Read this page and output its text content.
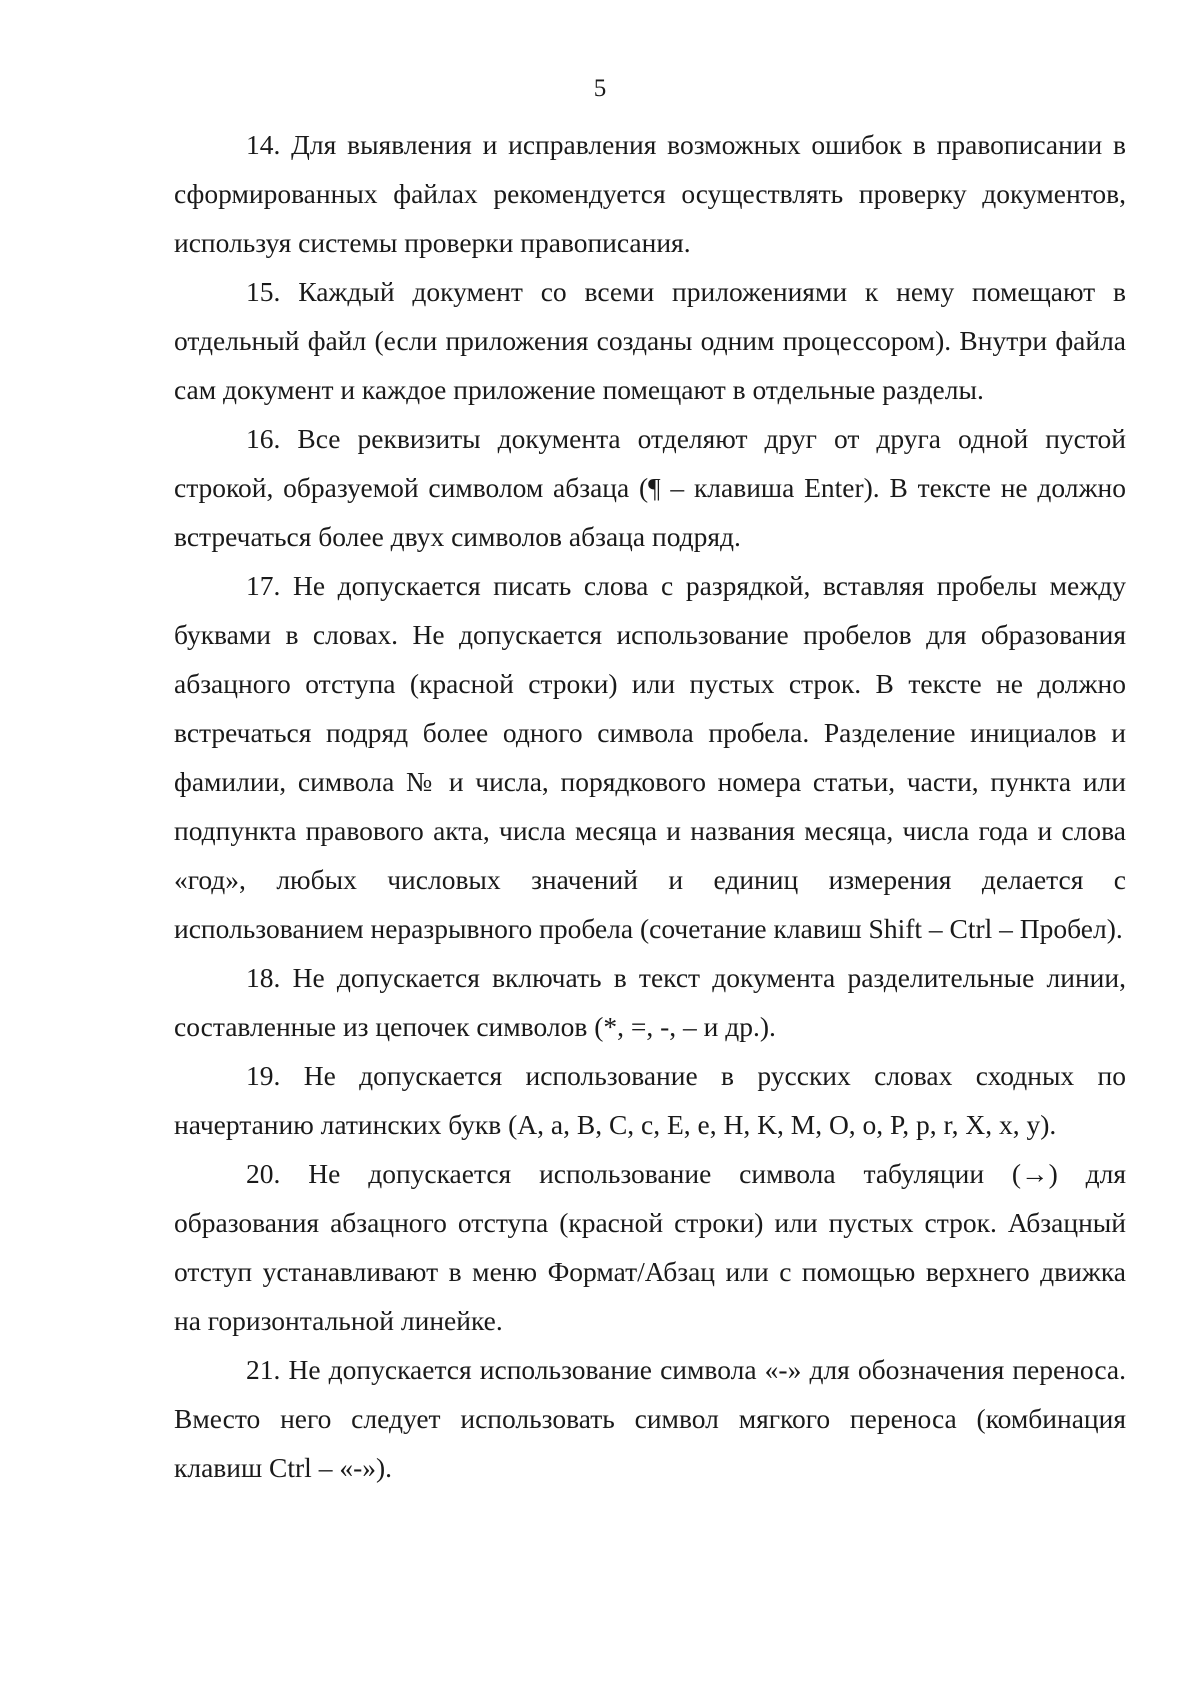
5

14. Для выявления и исправления возможных ошибок в правописании в сформированных файлах рекомендуется осуществлять проверку документов, используя системы проверки правописания.

15. Каждый документ со всеми приложениями к нему помещают в отдельный файл (если приложения созданы одним процессором). Внутри файла сам документ и каждое приложение помещают в отдельные разделы.

16. Все реквизиты документа отделяют друг от друга одной пустой строкой, образуемой символом абзаца (¶ – клавиша Enter). В тексте не должно встречаться более двух символов абзаца подряд.

17. Не допускается писать слова с разрядкой, вставляя пробелы между буквами в словах. Не допускается использование пробелов для образования абзацного отступа (красной строки) или пустых строк. В тексте не должно встречаться подряд более одного символа пробела. Разделение инициалов и фамилии, символа № и числа, порядкового номера статьи, части, пункта или подпункта правового акта, числа месяца и названия месяца, числа года и слова «год», любых числовых значений и единиц измерения делается с использованием неразрывного пробела (сочетание клавиш Shift – Ctrl – Пробел).

18. Не допускается включать в текст документа разделительные линии, составленные из цепочек символов (*, =, -, – и др.).

19. Не допускается использование в русских словах сходных по начертанию латинских букв (A, a, B, C, c, E, e, H, K, M, O, o, P, p, r, X, x, y).

20. Не допускается использование символа табуляции (→) для образования абзацного отступа (красной строки) или пустых строк. Абзацный отступ устанавливают в меню Формат/Абзац или с помощью верхнего движка на горизонтальной линейке.

21. Не допускается использование символа «-» для обозначения переноса. Вместо него следует использовать символ мягкого переноса (комбинация клавиш Ctrl – «-»).
